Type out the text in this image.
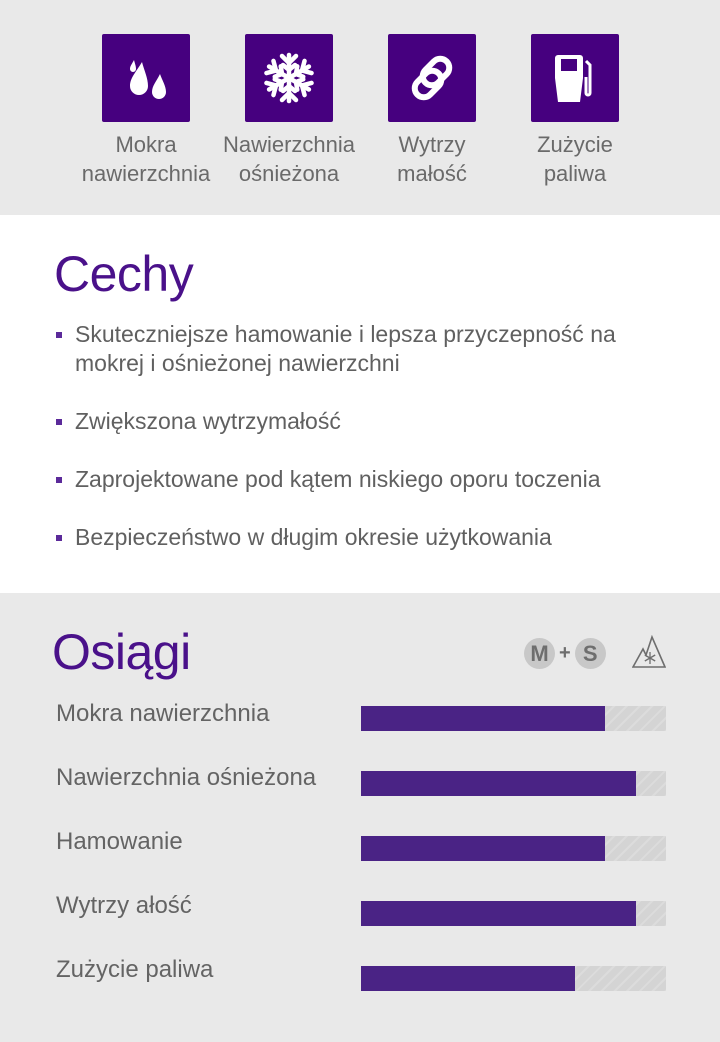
Mokra
nawierzchnia
Nawierzchnia
ośnieżona
Wytrzy
małość
Zużycie
paliwa
Cechy
Skuteczniejsze hamowanie i lepsza przyczepność na mokrej i ośnieżonej nawierzchni
Zwiększona wytrzymałość
Zaprojektowane pod kątem niskiego oporu toczenia
Bezpieczeństwo w długim okresie użytkowania
Osiągi	M + S
Mokra nawierzchnia
Nawierzchnia ośnieżona
Hamowanie
Wytrzy ałość
Zużycie paliwa
